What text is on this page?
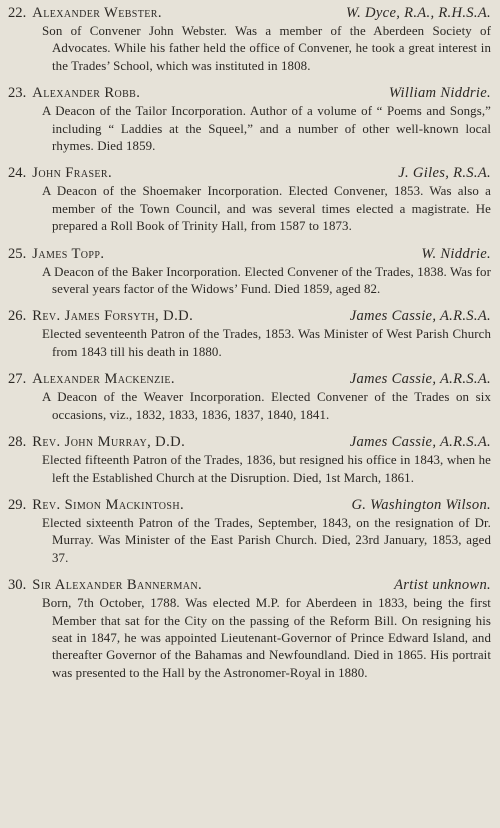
22. Alexander Webster.	W. Dyce, R.A., R.H.S.A.

Son of Convener John Webster. Was a member of the Aberdeen Society of Advocates. While his father held the office of Convener, he took a great interest in the Trades’ School, which was instituted in 1808.

23. Alexander Robb.	William Niddrie.

A Deacon of the Tailor Incorporation. Author of a volume of “ Poems and Songs,” including “ Laddies at the Squeel,” and a number of other well-known local rhymes. Died 1859.

24. John Fraser.	J. Giles, R.S.A.

A Deacon of the Shoemaker Incorporation. Elected Convener, 1853. Was also a member of the Town Council, and was several times elected a magistrate. He prepared a Roll Book of Trinity Hall, from 1587 to 1873.

25. James Topp.	W. Niddrie.

A Deacon of the Baker Incorporation. Elected Convener of the Trades, 1838. Was for several years factor of the Widows’ Fund. Died 1859, aged 82.

26. Rev. James Forsyth, D.D.	James Cassie, A.R.S.A.

Elected seventeenth Patron of the Trades, 1853. Was Minister of West Parish Church from 1843 till his death in 1880.

27. Alexander Mackenzie.	James Cassie, A.R.S.A.

A Deacon of the Weaver Incorporation. Elected Convener of the Trades on six occasions, viz., 1832, 1833, 1836, 1837, 1840, 1841.

28. Rev. John Murray, D.D.	James Cassie, A.R.S.A.

Elected fifteenth Patron of the Trades, 1836, but resigned his office in 1843, when he left the Established Church at the Disruption. Died, 1st March, 1861.

29. Rev. Simon Mackintosh.	G. Washington Wilson.

Elected sixteenth Patron of the Trades, September, 1843, on the resignation of Dr. Murray. Was Minister of the East Parish Church. Died, 23rd January, 1853, aged 37.

30. Sir Alexander Bannerman.	Artist unknown.

Born, 7th October, 1788. Was elected M.P. for Aberdeen in 1833, being the first Member that sat for the City on the passing of the Reform Bill. On resigning his seat in 1847, he was appointed Lieutenant-Governor of Prince Edward Island, and thereafter Governor of the Bahamas and Newfoundland. Died in 1865. His portrait was presented to the Hall by the Astronomer-Royal in 1880.
